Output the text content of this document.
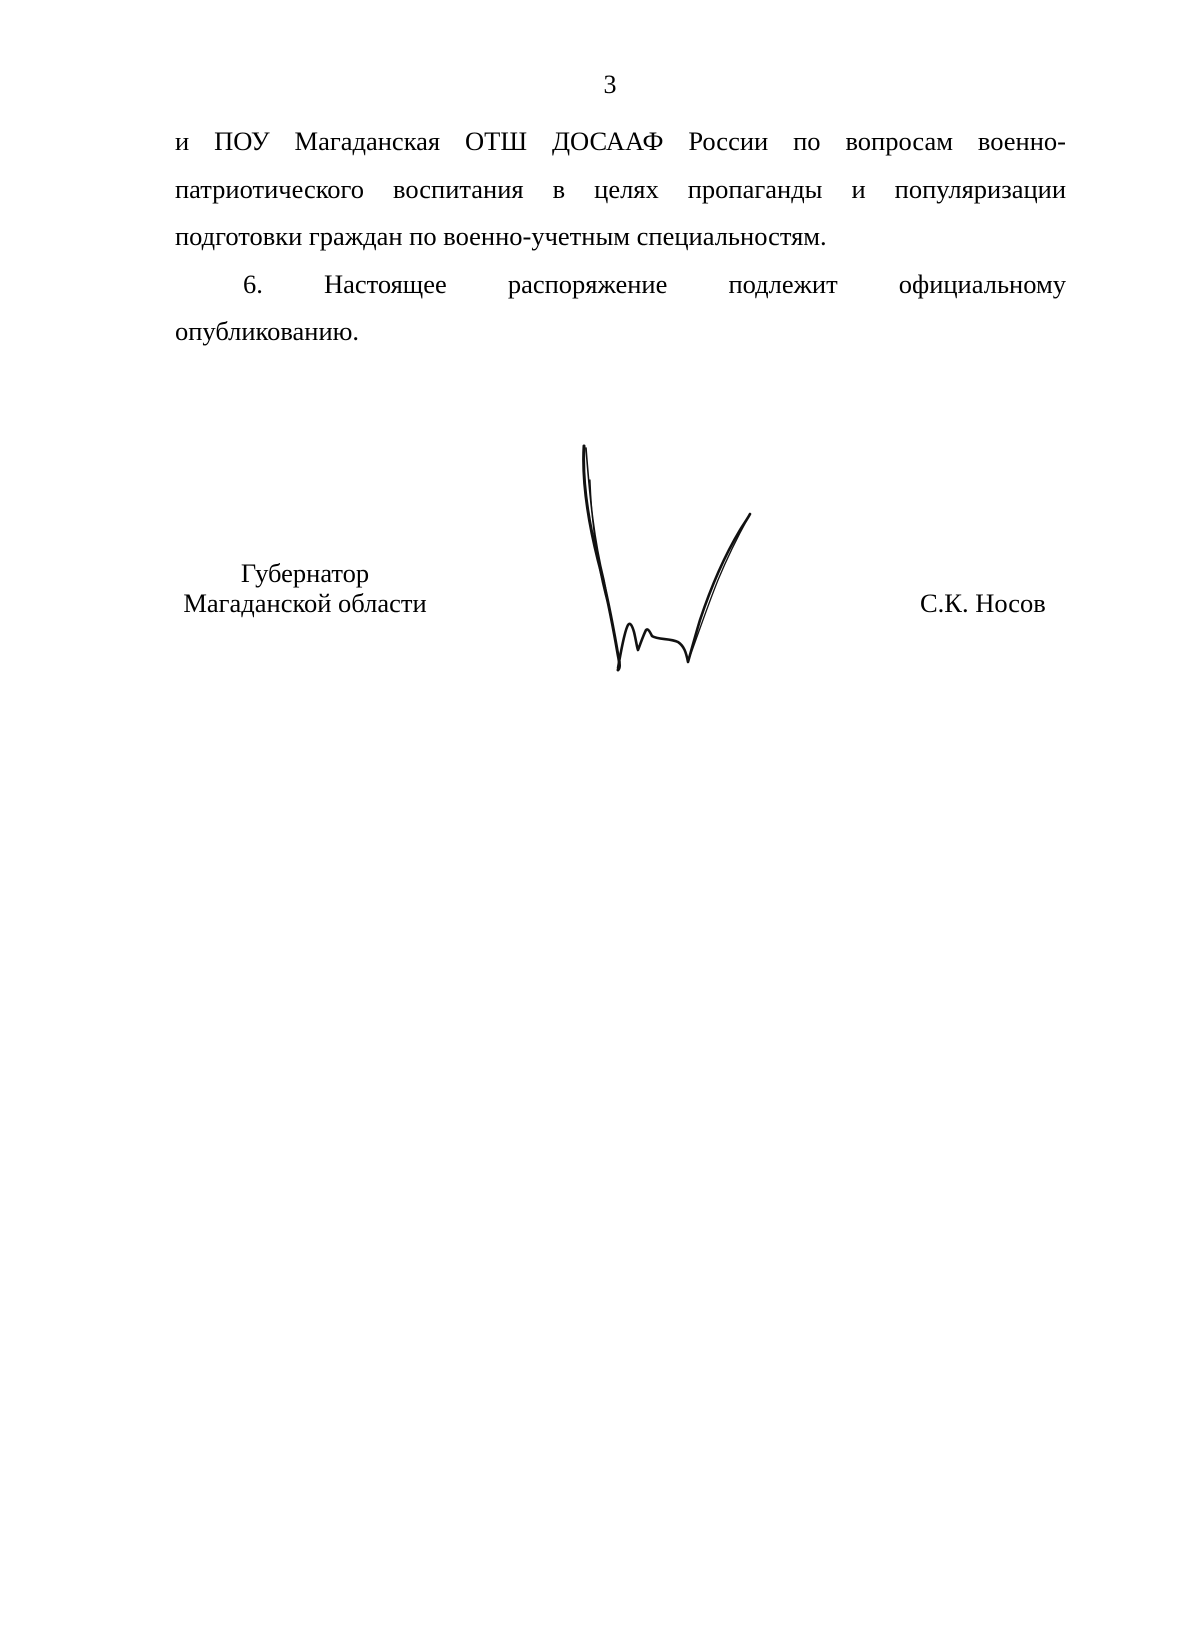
3

и ПОУ Магаданская ОТШ ДОСААФ России по вопросам военно-
патриотического воспитания в целях пропаганды и популяризации
подготовки граждан по военно-учетным специальностям.

6. Настоящее распоряжение подлежит официальному
опубликованию.

Губернатор
Магаданской области	С.К. Носов
